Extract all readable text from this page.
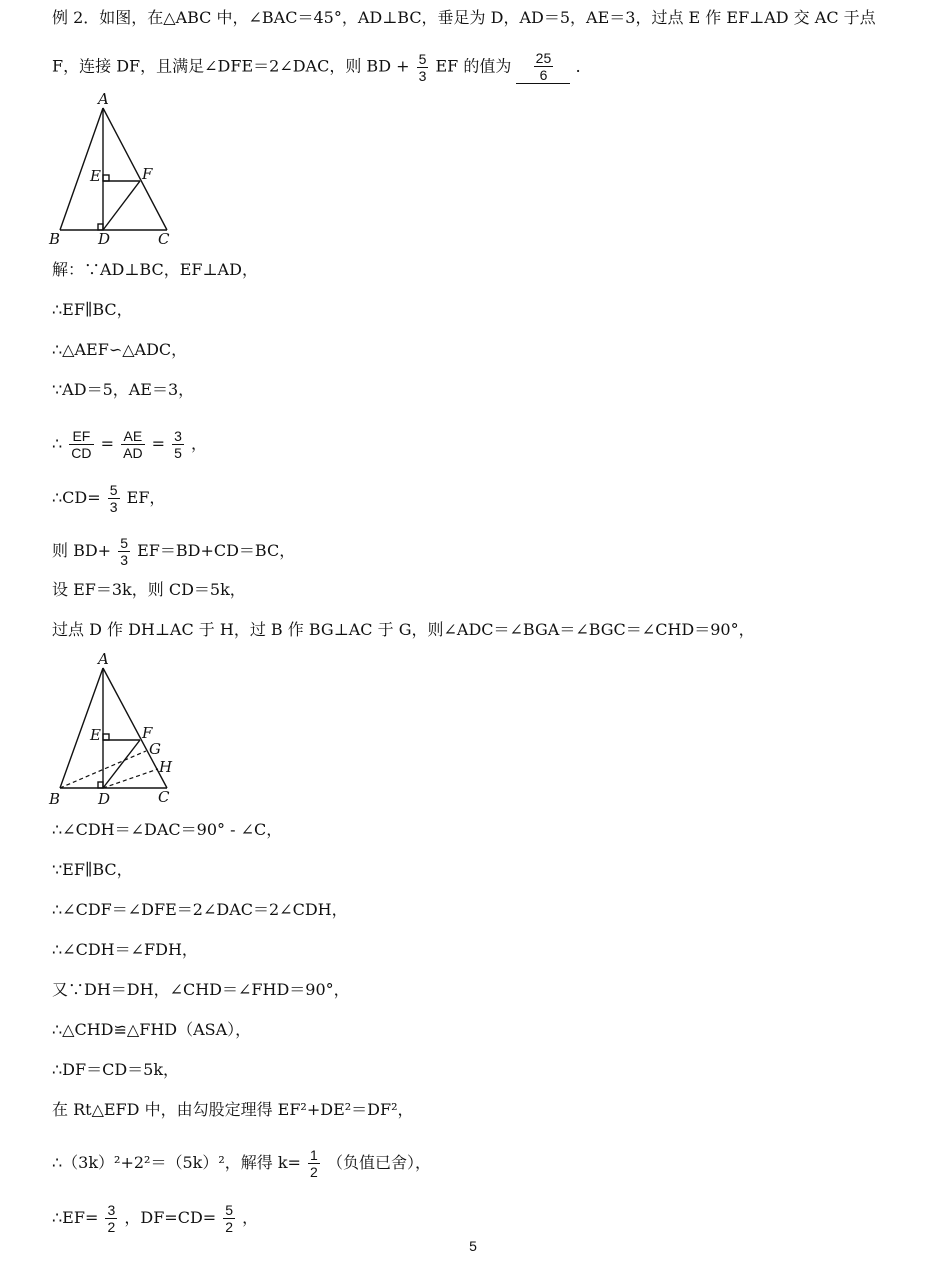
例 2．如图，在△ABC 中，∠BAC＝45°，AD⊥BC，垂足为 D，AD＝5，AE＝3，过点 E 作 EF⊥AD 交 AC 于点
F，连接 DF，且满足∠DFE＝2∠DAC，则 BD + $\frac{5}{3}$ EF 的值为 $\frac{25}{6}$ ．
A
B	C
D
E	F
解：∵AD⊥BC，EF⊥AD，
∴EF∥BC，
∴△AEF∽△ADC，
∵AD＝5，AE＝3，
∴ $\frac{EF}{CD} = \frac{AE}{AD} = \frac{3}{5}$ ，
∴CD= $\frac{5}{3}$ EF，
则 $BD+ \frac{5}{3} EF=BD+CD=BC$，
设 EF＝3k，则 CD＝5k，
过点 D 作 DH⊥AC 于 H，过 B 作 BG⊥AC 于 G，则∠ADC＝∠BGA＝∠BGC＝∠CHD＝90°，
A
B	C
D
E	F
G
H
∴∠CDH＝∠DAC＝90° - ∠C，
∵EF∥BC，
∴∠CDF＝∠DFE＝2∠DAC＝2∠CDH，
∴∠CDH＝∠FDH，
又∵DH＝DH，∠CHD＝∠FHD＝90°，
∴△CHD≌△FHD（ASA），
∴DF＝CD＝5k，
在 Rt△EFD 中，由勾股定理得 EF²+DE²＝DF²，
∴（3k）²+2²＝（5k）²，解得 $k= \frac{1}{2}$ （负值已舍），
∴EF= $\frac{3}{2}$ ，$DF=CD= \frac{5}{2}$ ，
5
